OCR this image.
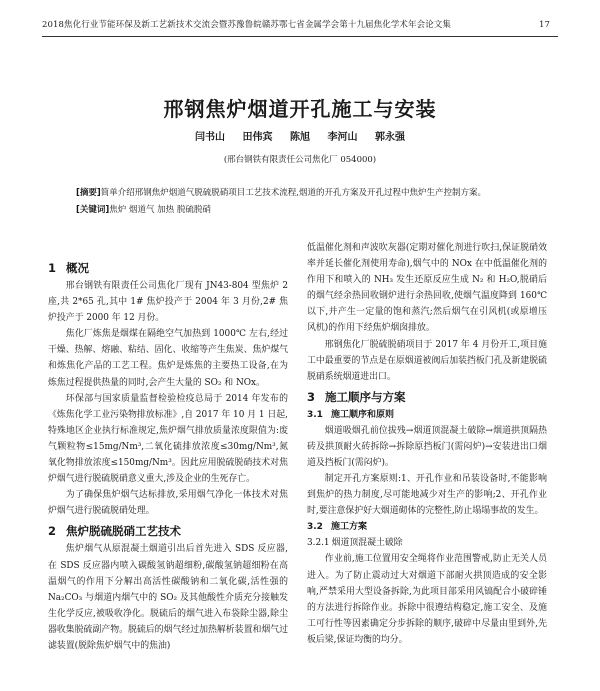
2018焦化行业节能环保及新工艺新技术交流会暨苏豫鲁皖赣苏鄂七省金属学会第十九届焦化学术年会论文集	17
邢钢焦炉烟道开孔施工与安装
闫书山 田伟宾 陈旭 李河山 郭永强
(邢台钢铁有限责任公司焦化厂 054000)
[摘要]简单介绍邢钢焦炉烟道气脱硫脱硝项目工艺技术流程,烟道的开孔方案及开孔过程中焦炉生产控制方案。
[关键词]焦炉 烟道气 加热 脱硫脱硝
1 概况

邢台钢铁有限责任公司焦化厂现有 JN43-804 型焦炉 2 座,共 2*65 孔,其中 1# 焦炉投产于 2004 年 3 月份,2# 焦炉投产于 2000 年 12 月份。

焦化厂炼焦是烟煤在隔绝空气加热到 1000℃ 左右,经过干燥、热解、熔融、粘结、固化、收缩等产生焦炭、焦炉煤气和炼焦化产品的工艺工程。焦炉是炼焦的主要热工设备,在为炼焦过程提供热量的同时,会产生大量的 SO₂ 和 NOx。

环保部与国家质量监督检验检疫总局于 2014 年发布的《炼焦化学工业污染物排放标准》,自 2017 年 10 月 1 日起,特殊地区企业执行标准规定,焦炉烟气排放质量浓度限值为:废气颗粒物≤15mg/Nm³,二氧化硫排放浓度≤30mg/Nm³,氮氧化物排放浓度≤150mg/Nm³。因此应用脱硫脱硝技术对焦炉烟气进行脱硫脱硝意义重大,涉及企业的生死存亡。

为了确保焦炉烟气达标排放,采用烟气净化一体技术对焦炉烟气进行脱硫脱硝处理。

2 焦炉脱硫脱硝工艺技术

焦炉烟气从原混凝土烟道引出后首先进入 SDS 反应器,在 SDS 反应器内喷入碳酸氢钠超细粉,碳酸氢钠超细粉在高温烟气的作用下分解出高活性碳酸钠和二氧化碳,活性强的 Na₂CO₃ 与烟道内烟气中的 SO₂ 及其他酸性介质充分接触发生化学反应,被吸收净化。脱硫后的烟气进入布袋除尘器,除尘器收集脱硫副产物。脱硫后的烟气经过加热解析装置和烟气过滤装置(脱除焦炉烟气中的焦油)

低温催化剂和声波吹灰器(定期对催化剂进行吹扫,保证脱硝效率并延长催化剂使用寿命),烟气中的 NOx 在中低温催化剂的作用下和喷入的 NH₃ 发生还原反应生成 N₂ 和 H₂O,脱硝后的烟气经余热回收钢炉进行余热回收,使烟气温度降到 160℃ 以下,并产生一定量的饱和蒸汽;然后烟气在引风机(或原增压风机)的作用下经焦炉烟囱排放。

邢钢焦化厂脱硫脱硝项目于 2017 年 4 月份开工,项目施工中最重要的节点是在原烟道被阀后加装挡板门孔及新建脱硫脱硝系统烟道进出口。

3 施工顺序与方案
3.1 施工顺序和原则

烟道吸烟孔前位拔残→烟道顶混凝土破除→烟道拱顶隔热砖及拱顶耐火砖拆除→拆除原挡板门(需闷炉)→安装进出口烟道及挡板门(需闷炉)。

制定开孔方案原则:1、开孔作业和吊装设备时,不能影响到焦炉的热力制度,尽可能地减少对生产的影响;2、开孔作业时,要注意保护好大烟道砌体的完整性,防止塌塌事故的发生。

3.2 施工方案
3.2.1 烟道顶混凝土破除

作业前,施工位置用安全绳将作业范围警戒,防止无关人员进入。为了防止震动过大对烟道下部耐火拱顶造成的安全影响,严禁采用大型设备拆除,为此项目部采用风镐配合小破碎锤的方法进行拆除作业。拆除中很遵结构稳定,施工安全、及施工可行性等因素确定分步拆除的顺序,破碎中尽量由里到外,先板后梁,保证均衡的均分。
